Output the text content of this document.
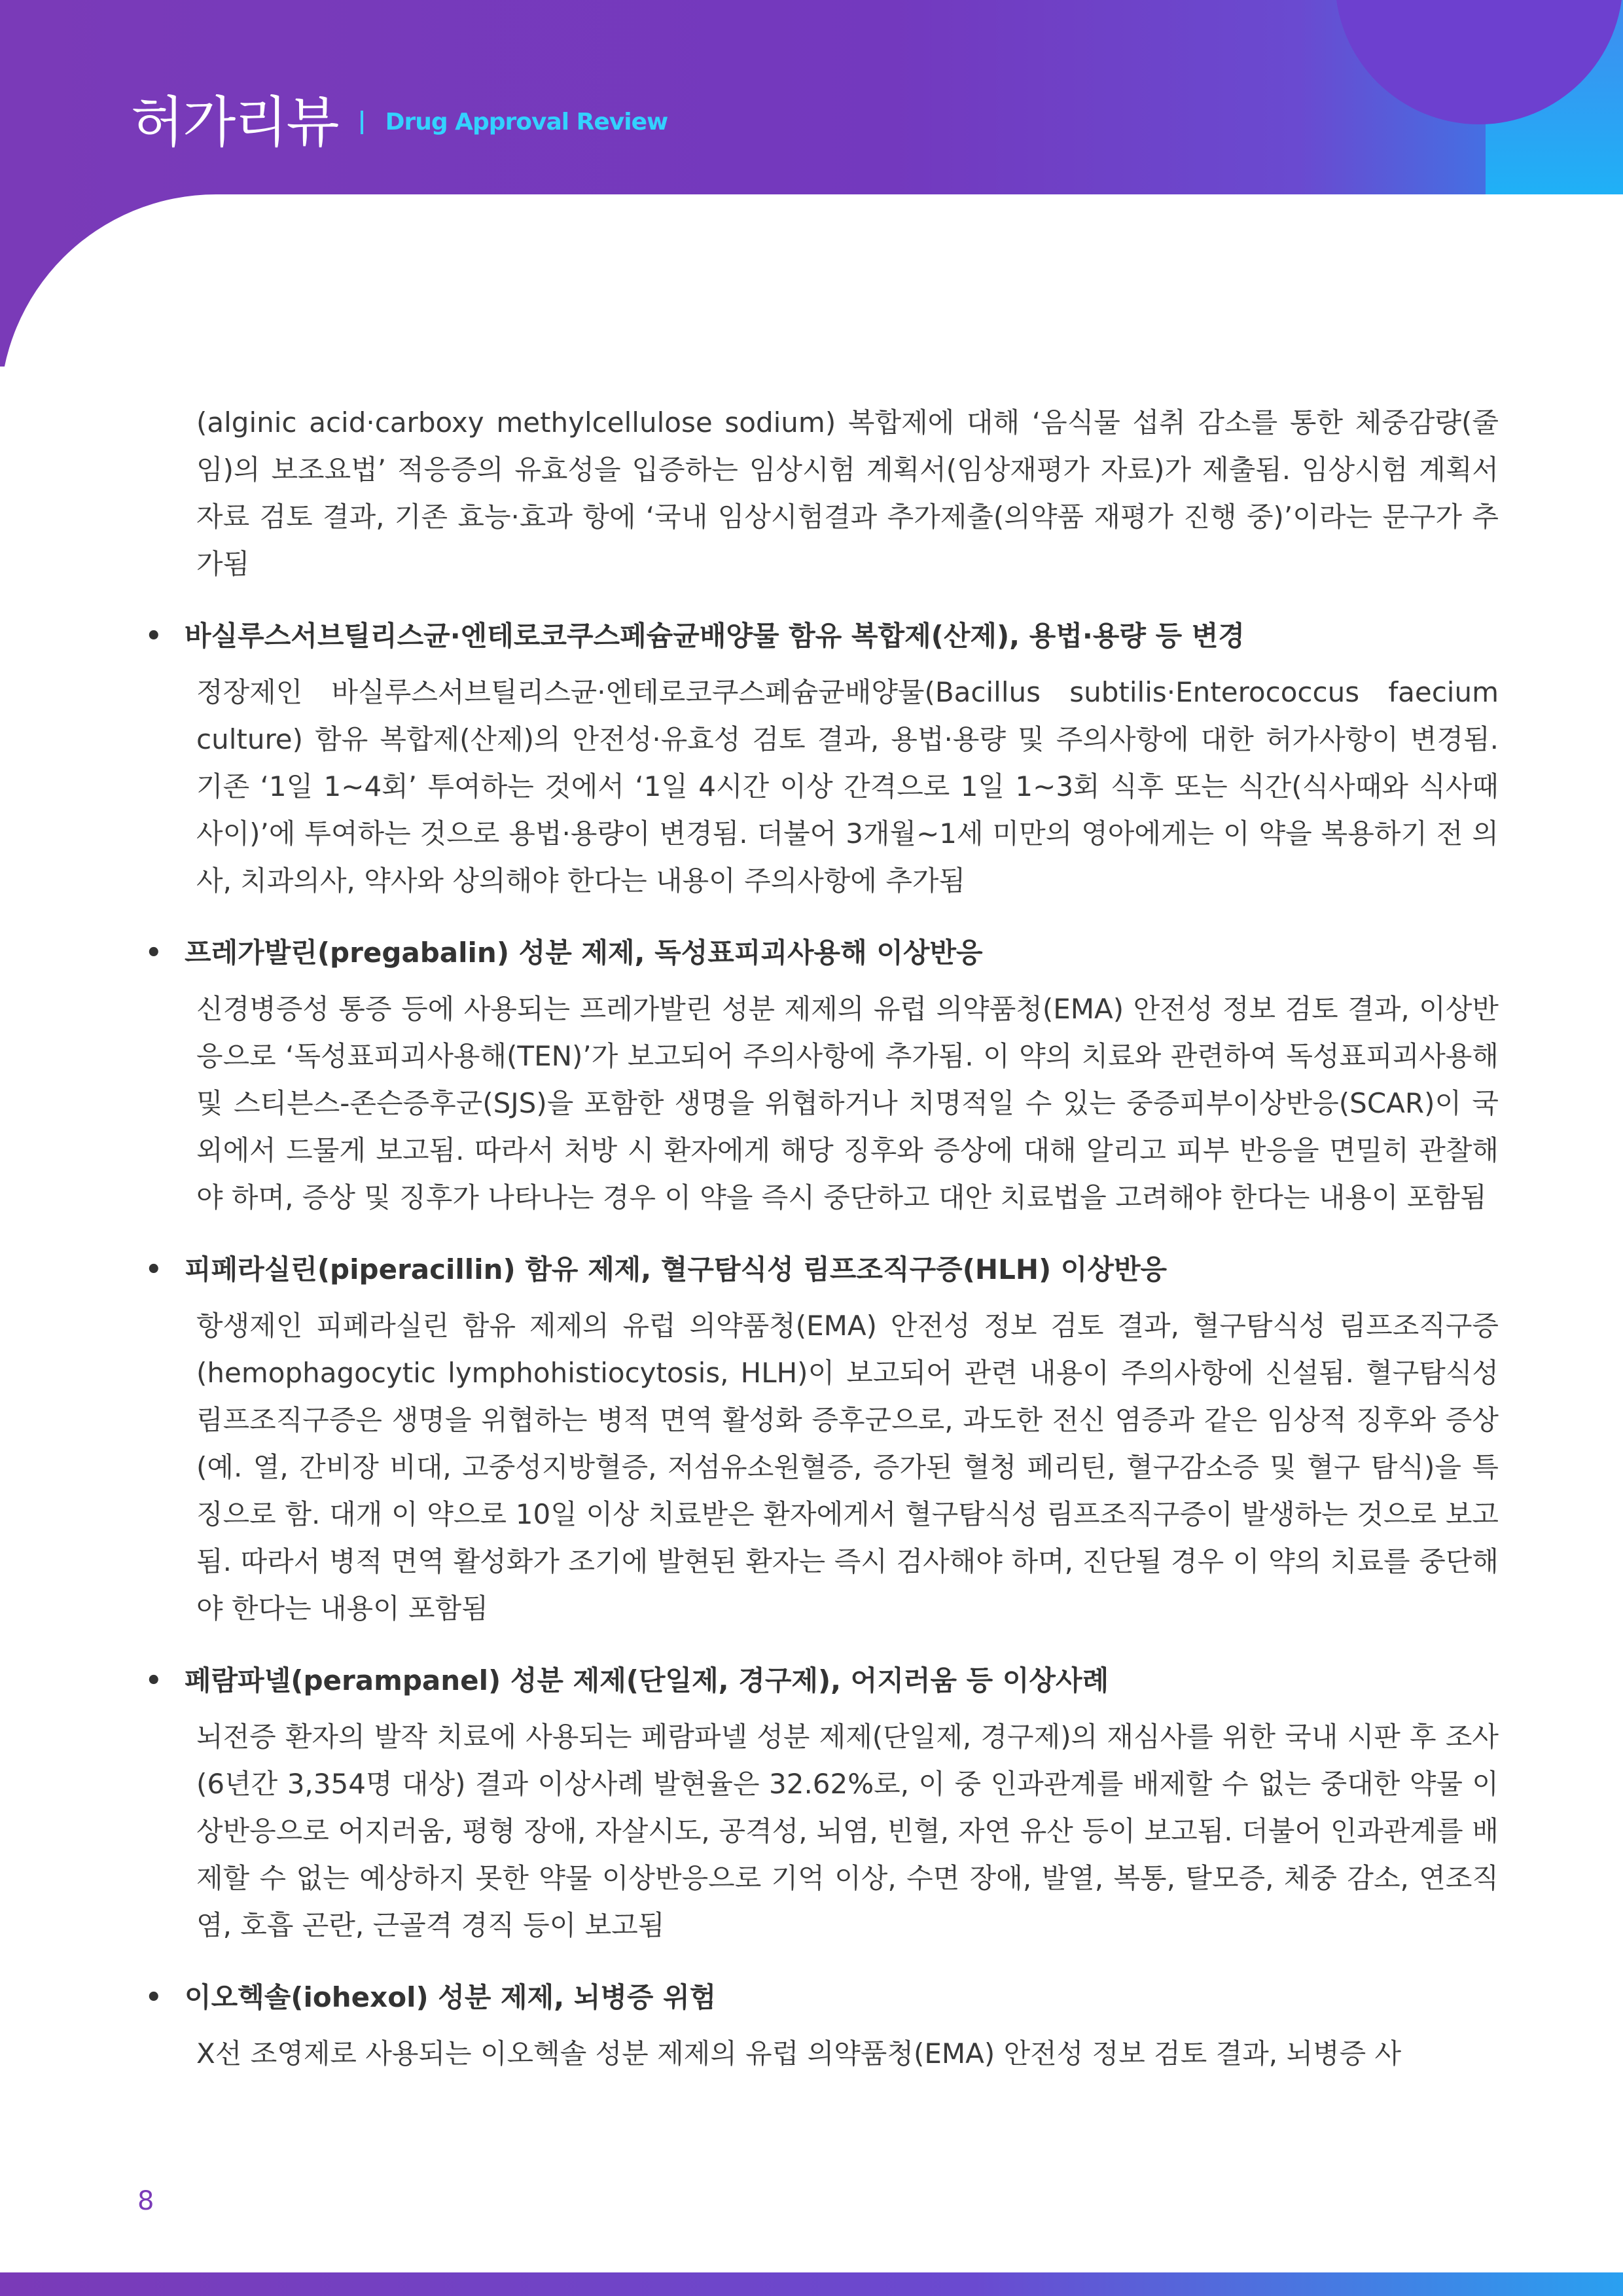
허가리뷰 Drug Approval Review

(alginic acid·carboxy methylcellulose sodium) 복합제에 대해 ‘음식물 섭취 감소를 통한 체중감량(줄임)의 보조요법’ 적응증의 유효성을 입증하는 임상시험 계획서(임상재평가 자료)가 제출됨. 임상시험 계획서 자료 검토 결과, 기존 효능·효과 항에 ‘국내 임상시험결과 추가제출(의약품 재평가 진행 중)’이라는 문구가 추가됨

• 바실루스서브틸리스균·엔테로코쿠스페슘균배양물 함유 복합제(산제), 용법·용량 등 변경

정장제인 바실루스서브틸리스균·엔테로코쿠스페슘균배양물(Bacillus subtilis·Enterococcus faecium culture) 함유 복합제(산제)의 안전성·유효성 검토 결과, 용법·용량 및 주의사항에 대한 허가사항이 변경됨. 기존 ‘1일 1~4회’ 투여하는 것에서 ‘1일 4시간 이상 간격으로 1일 1~3회 식후 또는 식간(식사때와 식사때 사이)’에 투여하는 것으로 용법·용량이 변경됨. 더불어 3개월~1세 미만의 영아에게는 이 약을 복용하기 전 의사, 치과의사, 약사와 상의해야 한다는 내용이 주의사항에 추가됨

• 프레가발린(pregabalin) 성분 제제, 독성표피괴사용해 이상반응

신경병증성 통증 등에 사용되는 프레가발린 성분 제제의 유럽 의약품청(EMA) 안전성 정보 검토 결과, 이상반응으로 ‘독성표피괴사용해(TEN)’가 보고되어 주의사항에 추가됨. 이 약의 치료와 관련하여 독성표피괴사용해 및 스티븐스-존슨증후군(SJS)을 포함한 생명을 위협하거나 치명적일 수 있는 중증피부이상반응(SCAR)이 국외에서 드물게 보고됨. 따라서 처방 시 환자에게 해당 징후와 증상에 대해 알리고 피부 반응을 면밀히 관찰해야 하며, 증상 및 징후가 나타나는 경우 이 약을 즉시 중단하고 대안 치료법을 고려해야 한다는 내용이 포함됨

• 피페라실린(piperacillin) 함유 제제, 혈구탐식성 림프조직구증(HLH) 이상반응

항생제인 피페라실린 함유 제제의 유럽 의약품청(EMA) 안전성 정보 검토 결과, 혈구탐식성 림프조직구증(hemophagocytic lymphohistiocytosis, HLH)이 보고되어 관련 내용이 주의사항에 신설됨. 혈구탐식성 림프조직구증은 생명을 위협하는 병적 면역 활성화 증후군으로, 과도한 전신 염증과 같은 임상적 징후와 증상(예. 열, 간비장 비대, 고중성지방혈증, 저섬유소원혈증, 증가된 혈청 페리틴, 혈구감소증 및 혈구 탐식)을 특징으로 함. 대개 이 약으로 10일 이상 치료받은 환자에게서 혈구탐식성 림프조직구증이 발생하는 것으로 보고됨. 따라서 병적 면역 활성화가 조기에 발현된 환자는 즉시 검사해야 하며, 진단될 경우 이 약의 치료를 중단해야 한다는 내용이 포함됨

• 페람파넬(perampanel) 성분 제제(단일제, 경구제), 어지러움 등 이상사례

뇌전증 환자의 발작 치료에 사용되는 페람파넬 성분 제제(단일제, 경구제)의 재심사를 위한 국내 시판 후 조사(6년간 3,354명 대상) 결과 이상사례 발현율은 32.62%로, 이 중 인과관계를 배제할 수 없는 중대한 약물 이상반응으로 어지러움, 평형 장애, 자살시도, 공격성, 뇌염, 빈혈, 자연 유산 등이 보고됨. 더불어 인과관계를 배제할 수 없는 예상하지 못한 약물 이상반응으로 기억 이상, 수면 장애, 발열, 복통, 탈모증, 체중 감소, 연조직염, 호흡 곤란, 근골격 경직 등이 보고됨

• 이오헥솔(iohexol) 성분 제제, 뇌병증 위험

X선 조영제로 사용되는 이오헥솔 성분 제제의 유럽 의약품청(EMA) 안전성 정보 검토 결과, 뇌병증 사

8
